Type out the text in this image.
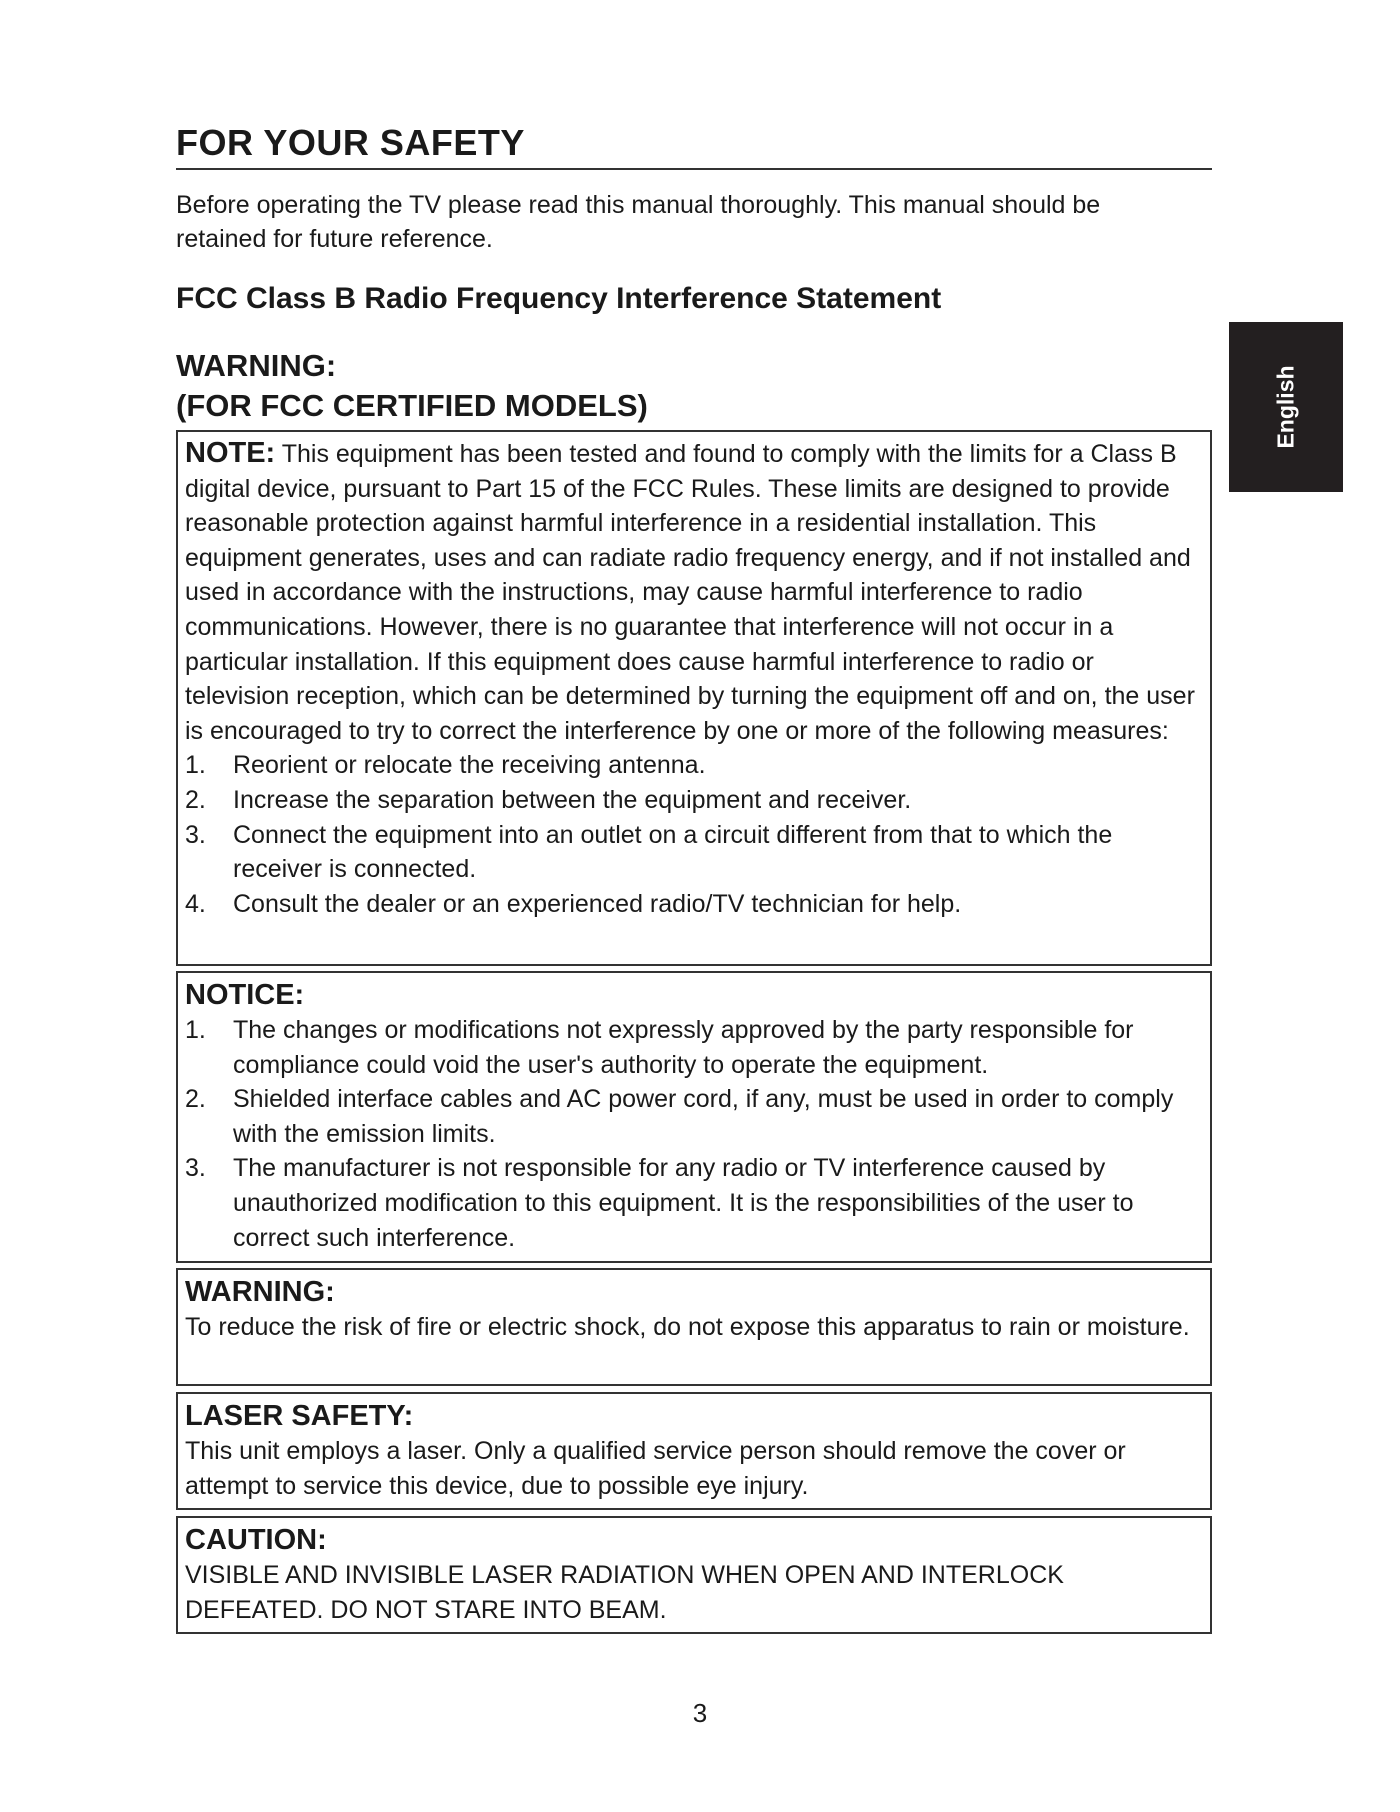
FOR YOUR SAFETY

Before operating the TV please read this manual thoroughly. This manual should be retained for future reference.

FCC Class B Radio Frequency Interference Statement
WARNING:
(FOR FCC CERTIFIED MODELS)

NOTE: This equipment has been tested and found to comply with the limits for a Class B digital device, pursuant to Part 15 of the FCC Rules. These limits are designed to provide reasonable protection against harmful interference in a residential installation. This equipment generates, uses and can radiate radio frequency energy, and if not installed and used in accordance with the instructions, may cause harmful interference to radio communications. However, there is no guarantee that interference will not occur in a particular installation. If this equipment does cause harmful interference to radio or television reception, which can be determined by turning the equipment off and on, the user is encouraged to try to correct the interference by one or more of the following measures:

1. Reorient or relocate the receiving antenna.
2. Increase the separation between the equipment and receiver.
3. Connect the equipment into an outlet on a circuit different from that to which the receiver is connected.
4. Consult the dealer or an experienced radio/TV technician for help.

NOTICE:

1. The changes or modifications not expressly approved by the party responsible for compliance could void the user's authority to operate the equipment.
2. Shielded interface cables and AC power cord, if any, must be used in order to comply with the emission limits.
3. The manufacturer is not responsible for any radio or TV interference caused by unauthorized modification to this equipment. It is the responsibilities of the user to correct such interference.

WARNING:

To reduce the risk of fire or electric shock, do not expose this apparatus to rain or moisture.

LASER SAFETY:

This unit employs a laser. Only a qualified service person should remove the cover or attempt to service this device, due to possible eye injury.

CAUTION:

VISIBLE AND INVISIBLE LASER RADIATION WHEN OPEN AND INTERLOCK DEFEATED. DO NOT STARE INTO BEAM.

English
3
